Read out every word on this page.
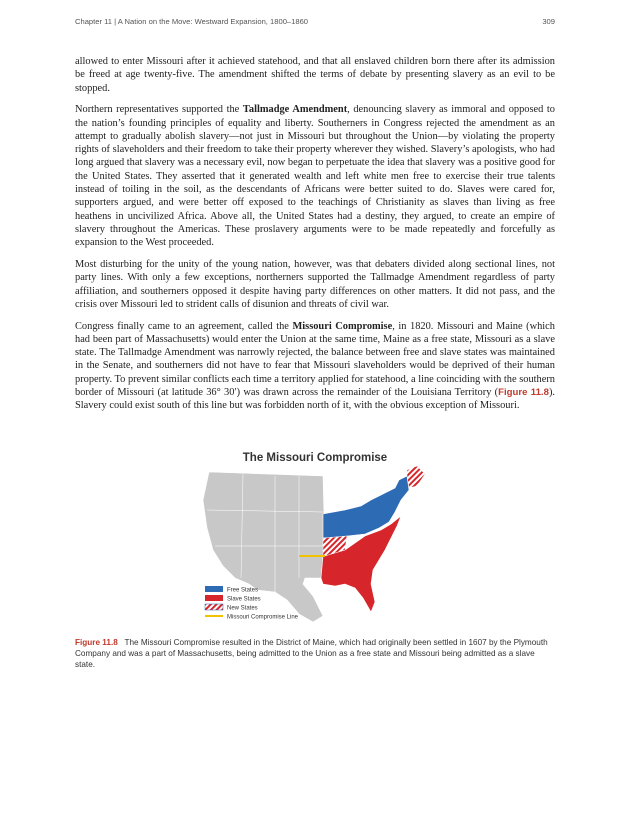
Chapter 11 | A Nation on the Move: Westward Expansion, 1800–1860	309

allowed to enter Missouri after it achieved statehood, and that all enslaved children born there after its admission be freed at age twenty-five. The amendment shifted the terms of debate by presenting slavery as an evil to be stopped.

Northern representatives supported the Tallmadge Amendment, denouncing slavery as immoral and opposed to the nation’s founding principles of equality and liberty. Southerners in Congress rejected the amendment as an attempt to gradually abolish slavery—not just in Missouri but throughout the Union—by violating the property rights of slaveholders and their freedom to take their property wherever they wished. Slavery’s apologists, who had long argued that slavery was a necessary evil, now began to perpetuate the idea that slavery was a positive good for the United States. They asserted that it generated wealth and left white men free to exercise their true talents instead of toiling in the soil, as the descendants of Africans were better suited to do. Slaves were cared for, supporters argued, and were better off exposed to the teachings of Christianity as slaves than living as free heathens in uncivilized Africa. Above all, the United States had a destiny, they argued, to create an empire of slavery throughout the Americas. These proslavery arguments were to be made repeatedly and forcefully as expansion to the West proceeded.

Most disturbing for the unity of the young nation, however, was that debaters divided along sectional lines, not party lines. With only a few exceptions, northerners supported the Tallmadge Amendment regardless of party affiliation, and southerners opposed it despite having party differences on other matters. It did not pass, and the crisis over Missouri led to strident calls of disunion and threats of civil war.

Congress finally came to an agreement, called the Missouri Compromise, in 1820. Missouri and Maine (which had been part of Massachusetts) would enter the Union at the same time, Maine as a free state, Missouri as a slave state. The Tallmadge Amendment was narrowly rejected, the balance between free and slave states was maintained in the Senate, and southerners did not have to fear that Missouri slaveholders would be deprived of their human property. To prevent similar conflicts each time a territory applied for statehood, a line coinciding with the southern border of Missouri (at latitude 36° 30′) was drawn across the remainder of the Louisiana Territory (Figure 11.8). Slavery could exist south of this line but was forbidden north of it, with the obvious exception of Missouri.

The Missouri Compromise
Free States
Slave States
New States
Missouri Compromise Line
Figure 11.8 The Missouri Compromise resulted in the District of Maine, which had originally been settled in 1607 by the Plymouth Company and was a part of Massachusetts, being admitted to the Union as a free state and Missouri being admitted as a slave state.
